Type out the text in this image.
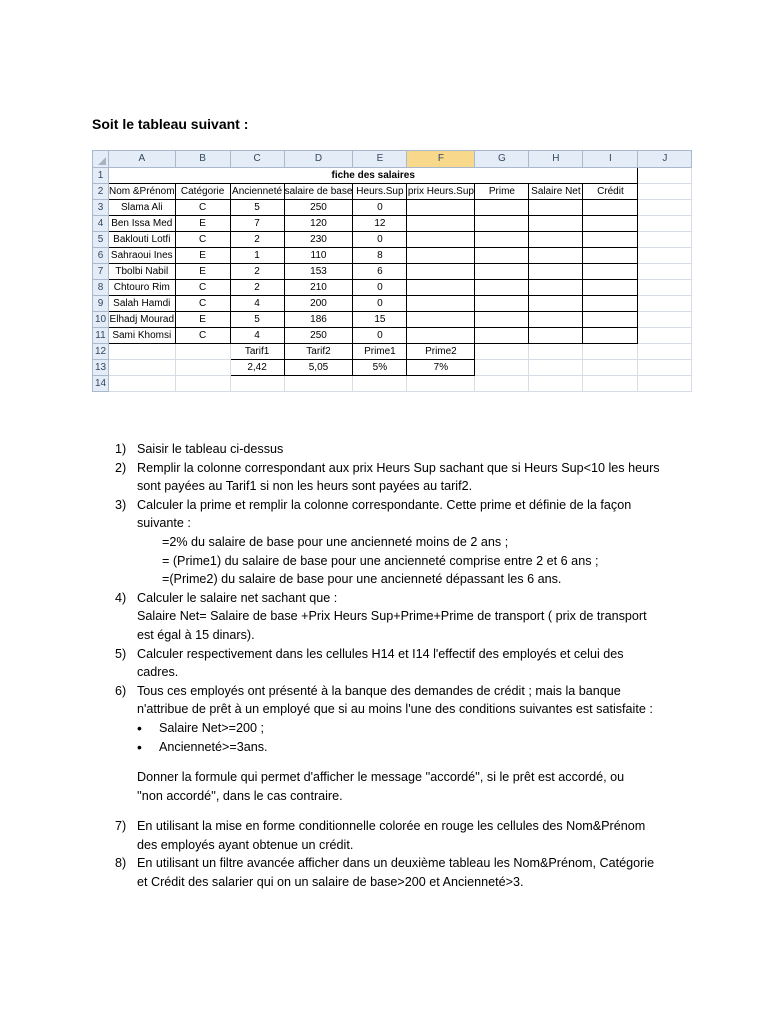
Soit le tableau suivant :
	A	B	C	D	E	F	G	H	I	J
1	fiche des salaires									
2	Nom &Prénom	Catégorie	Ancienneté	salaire de base	Heurs.Sup	prix Heurs.Sup	Prime	Salaire Net	Crédit	
3	Slama Ali	C	5	250	0					
4	Ben Issa Med	E	7	120	12					
5	Baklouti Lotfi	C	2	230	0					
6	Sahraoui Ines	E	1	110	8					
7	Tbolbi Nabil	E	2	153	6					
8	Chtouro Rim	C	2	210	0					
9	Salah Hamdi	C	4	200	0					
10	Elhadj Mourad	E	5	186	15					
11	Sami Khomsi	C	4	250	0					
12			Tarif1	Tarif2	Prime1	Prime2				
13			2,42	5,05	5%	7%				
14										
1) Saisir le tableau ci-dessus
2) Remplir la colonne correspondant aux prix Heurs Sup sachant que si Heurs Sup<10 les heurs
sont payées au Tarif1 si non les heurs sont payées au tarif2.
3) Calculer la prime et remplir la colonne correspondante. Cette prime et définie de la façon
suivante :
=2% du salaire de base pour une ancienneté moins de 2 ans ;
= (Prime1) du salaire de base pour une ancienneté comprise entre 2 et 6 ans ;
=(Prime2) du salaire de base pour une ancienneté dépassant les 6 ans.
4) Calculer le salaire net sachant que :
Salaire Net= Salaire de base +Prix Heurs Sup+Prime+Prime de transport ( prix de transport
est égal à 15 dinars).
5) Calculer respectivement dans les cellules H14 et I14 l'effectif des employés et celui des
cadres.
6) Tous ces employés ont présenté à la banque des demandes de crédit ; mais la banque
n'attribue de prêt à un employé que si au moins l'une des conditions suivantes est satisfaite :
•	Salaire Net>=200 ;
•	Ancienneté>=3ans.
Donner la formule qui permet d'afficher le message ''accordé'', si le prêt est accordé, ou
''non accordé'', dans le cas contraire.
7) En utilisant la mise en forme conditionnelle colorée en rouge les cellules des Nom&Prénom
des employés ayant obtenue un crédit.
8) En utilisant un filtre avancée afficher dans un deuxième tableau les Nom&Prénom, Catégorie
et Crédit des salarier qui on un salaire de base>200 et Ancienneté>3.
